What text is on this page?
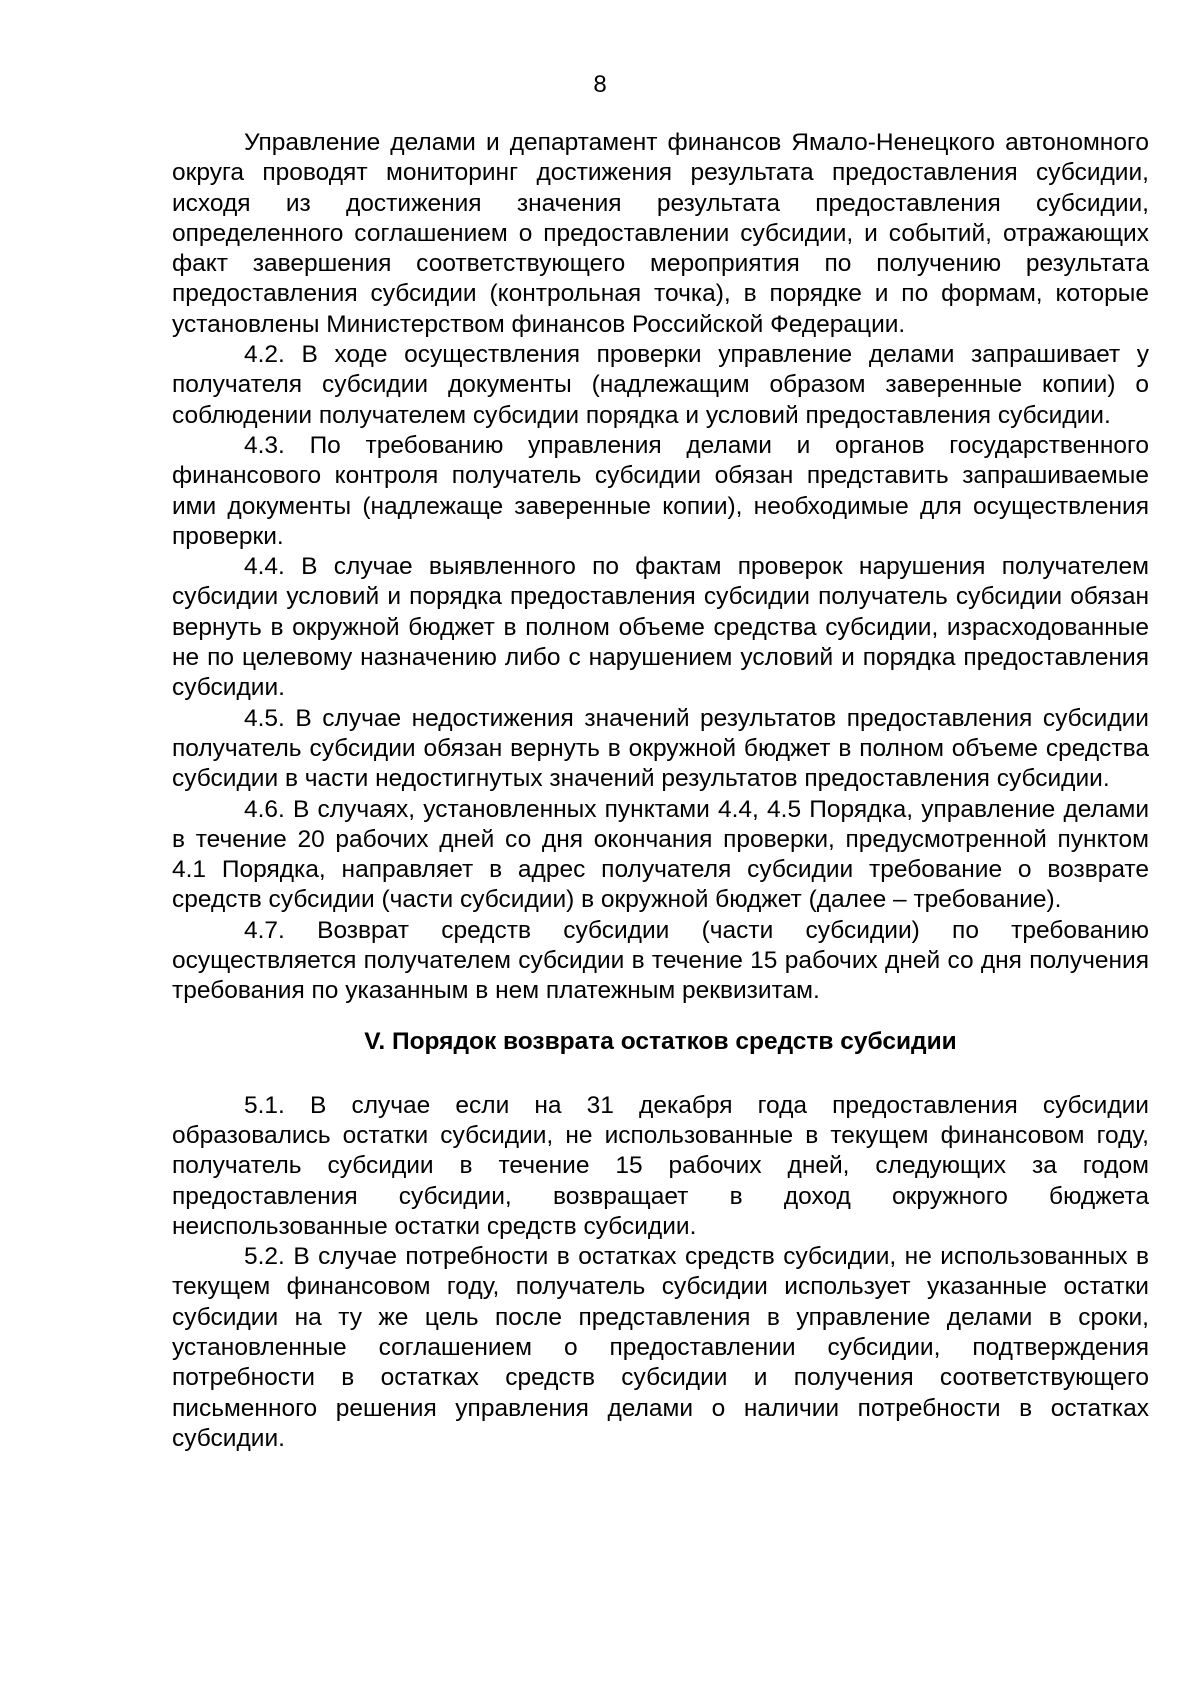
8

Управление делами и департамент финансов Ямало-Ненецкого автономного округа проводят мониторинг достижения результата предоставления субсидии, исходя из достижения значения результата предоставления субсидии, определенного соглашением о предоставлении субсидии, и событий, отражающих факт завершения соответствующего мероприятия по получению результата предоставления субсидии (контрольная точка), в порядке и по формам, которые установлены Министерством финансов Российской Федерации.

4.2. В ходе осуществления проверки управление делами запрашивает у получателя субсидии документы (надлежащим образом заверенные копии) о соблюдении получателем субсидии порядка и условий предоставления субсидии.

4.3. По требованию управления делами и органов государственного финансового контроля получатель субсидии обязан представить запрашиваемые ими документы (надлежаще заверенные копии), необходимые для осуществления проверки.

4.4. В случае выявленного по фактам проверок нарушения получателем субсидии условий и порядка предоставления субсидии получатель субсидии обязан вернуть в окружной бюджет в полном объеме средства субсидии, израсходованные не по целевому назначению либо с нарушением условий и порядка предоставления субсидии.

4.5. В случае недостижения значений результатов предоставления субсидии получатель субсидии обязан вернуть в окружной бюджет в полном объеме средства субсидии в части недостигнутых значений результатов предоставления субсидии.

4.6. В случаях, установленных пунктами 4.4, 4.5 Порядка, управление делами в течение 20 рабочих дней со дня окончания проверки, предусмотренной пунктом 4.1 Порядка, направляет в адрес получателя субсидии требование о возврате средств субсидии (части субсидии) в окружной бюджет (далее – требование).

4.7. Возврат средств субсидии (части субсидии) по требованию осуществляется получателем субсидии в течение 15 рабочих дней со дня получения требования по указанным в нем платежным реквизитам.

V. Порядок возврата остатков средств субсидии

5.1. В случае если на 31 декабря года предоставления субсидии образовались остатки субсидии, не использованные в текущем финансовом году, получатель субсидии в течение 15 рабочих дней, следующих за годом предоставления субсидии, возвращает в доход окружного бюджета неиспользованные остатки средств субсидии.

5.2. В случае потребности в остатках средств субсидии, не использованных в текущем финансовом году, получатель субсидии использует указанные остатки субсидии на ту же цель после представления в управление делами в сроки, установленные соглашением о предоставлении субсидии, подтверждения потребности в остатках средств субсидии и получения соответствующего письменного решения управления делами о наличии потребности в остатках субсидии.
